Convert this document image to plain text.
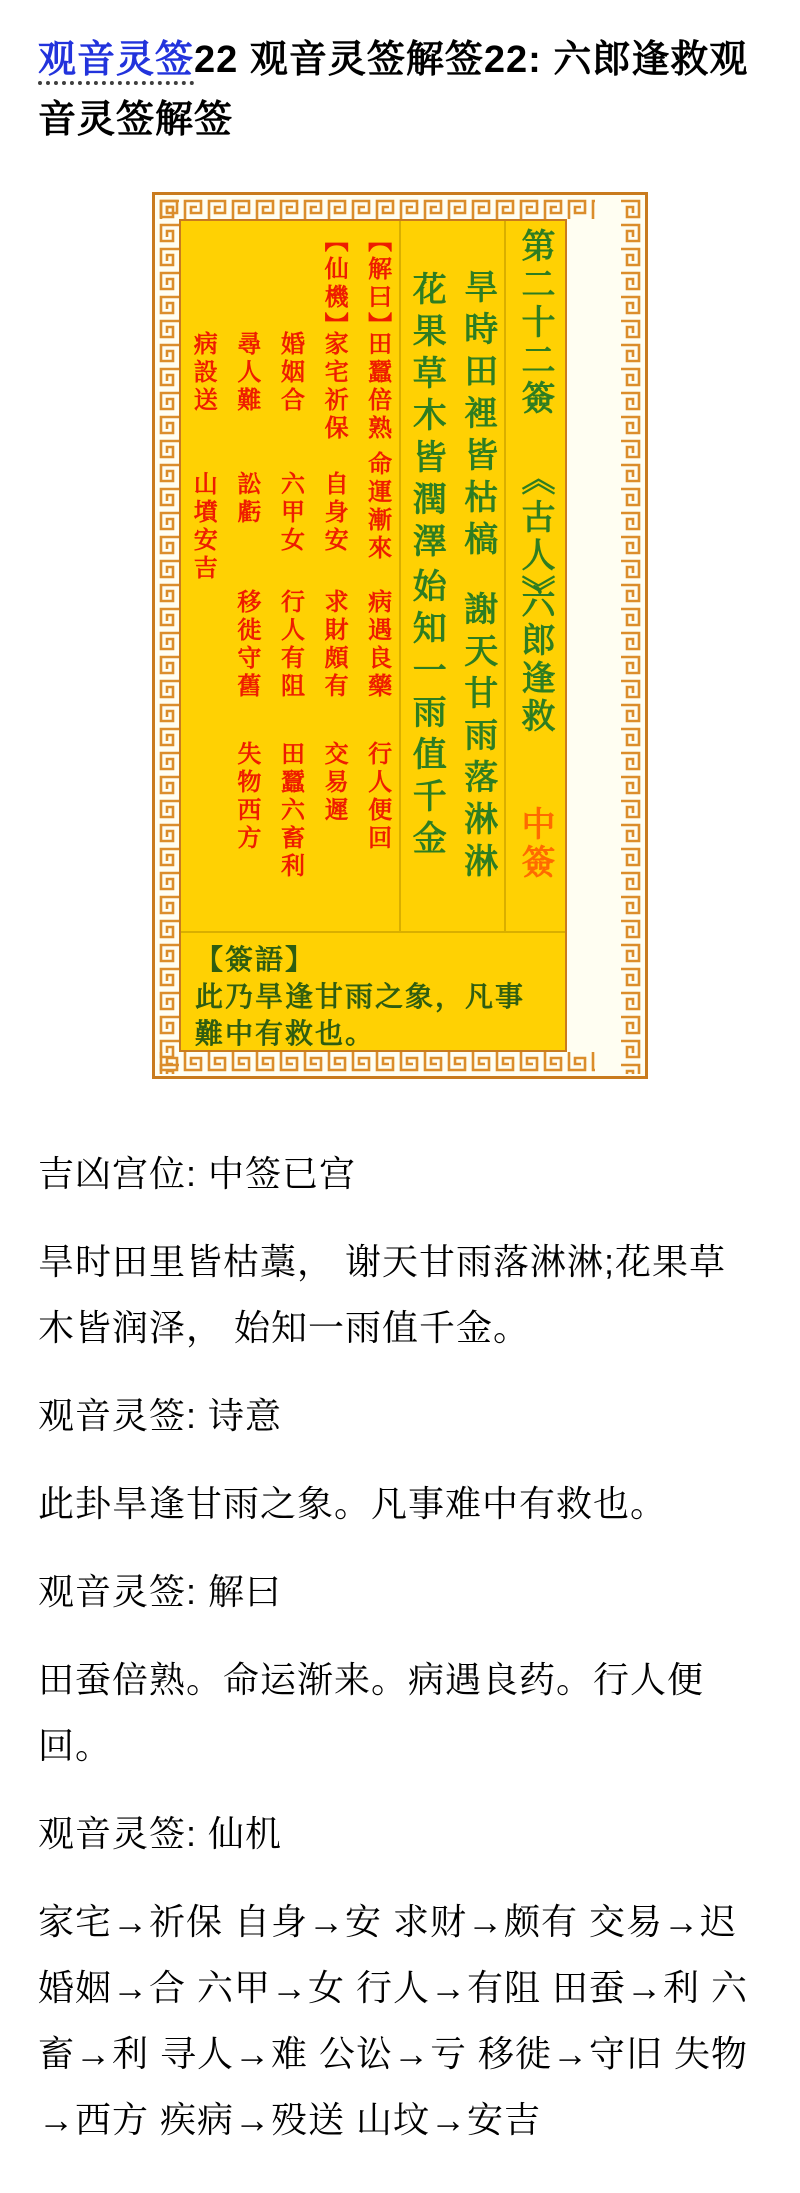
观音灵签22 观音灵签解签22: 六郎逢救观音灵签解签
病設送
山墳安吉
尋人難
訟虧
移徙守舊
失物西方
婚姻合
六甲女
行人有阻
田蠶六畜利
【仙機】
家宅祈保
自身安
求財頗有
交易遲
【解曰】
田蠶倍熟
命運漸來
病遇良藥
行人便回
花果草木皆潤澤
始知一雨值千金
旱時田裡皆枯槁
謝天甘雨落淋淋
第二十二簽
《古人》
六郎逢救
中簽
【簽語】
此乃旱逢甘雨之象，凡事
難中有救也。

吉凶宫位: 中签已宫

旱时田里皆枯藁， 谢天甘雨落淋淋;花果草木皆润泽， 始知一雨值千金。

观音灵签: 诗意

此卦旱逢甘雨之象。凡事难中有救也。

观音灵签: 解曰

田蚕倍熟。命运渐来。病遇良药。行人便回。

观音灵签: 仙机

家宅→祈保 自身→安 求财→颇有 交易→迟 婚姻→合 六甲→女 行人→有阻 田蚕→利 六畜→利 寻人→难 公讼→亏 移徙→守旧 失物→西方 疾病→殁送 山坟→安吉
